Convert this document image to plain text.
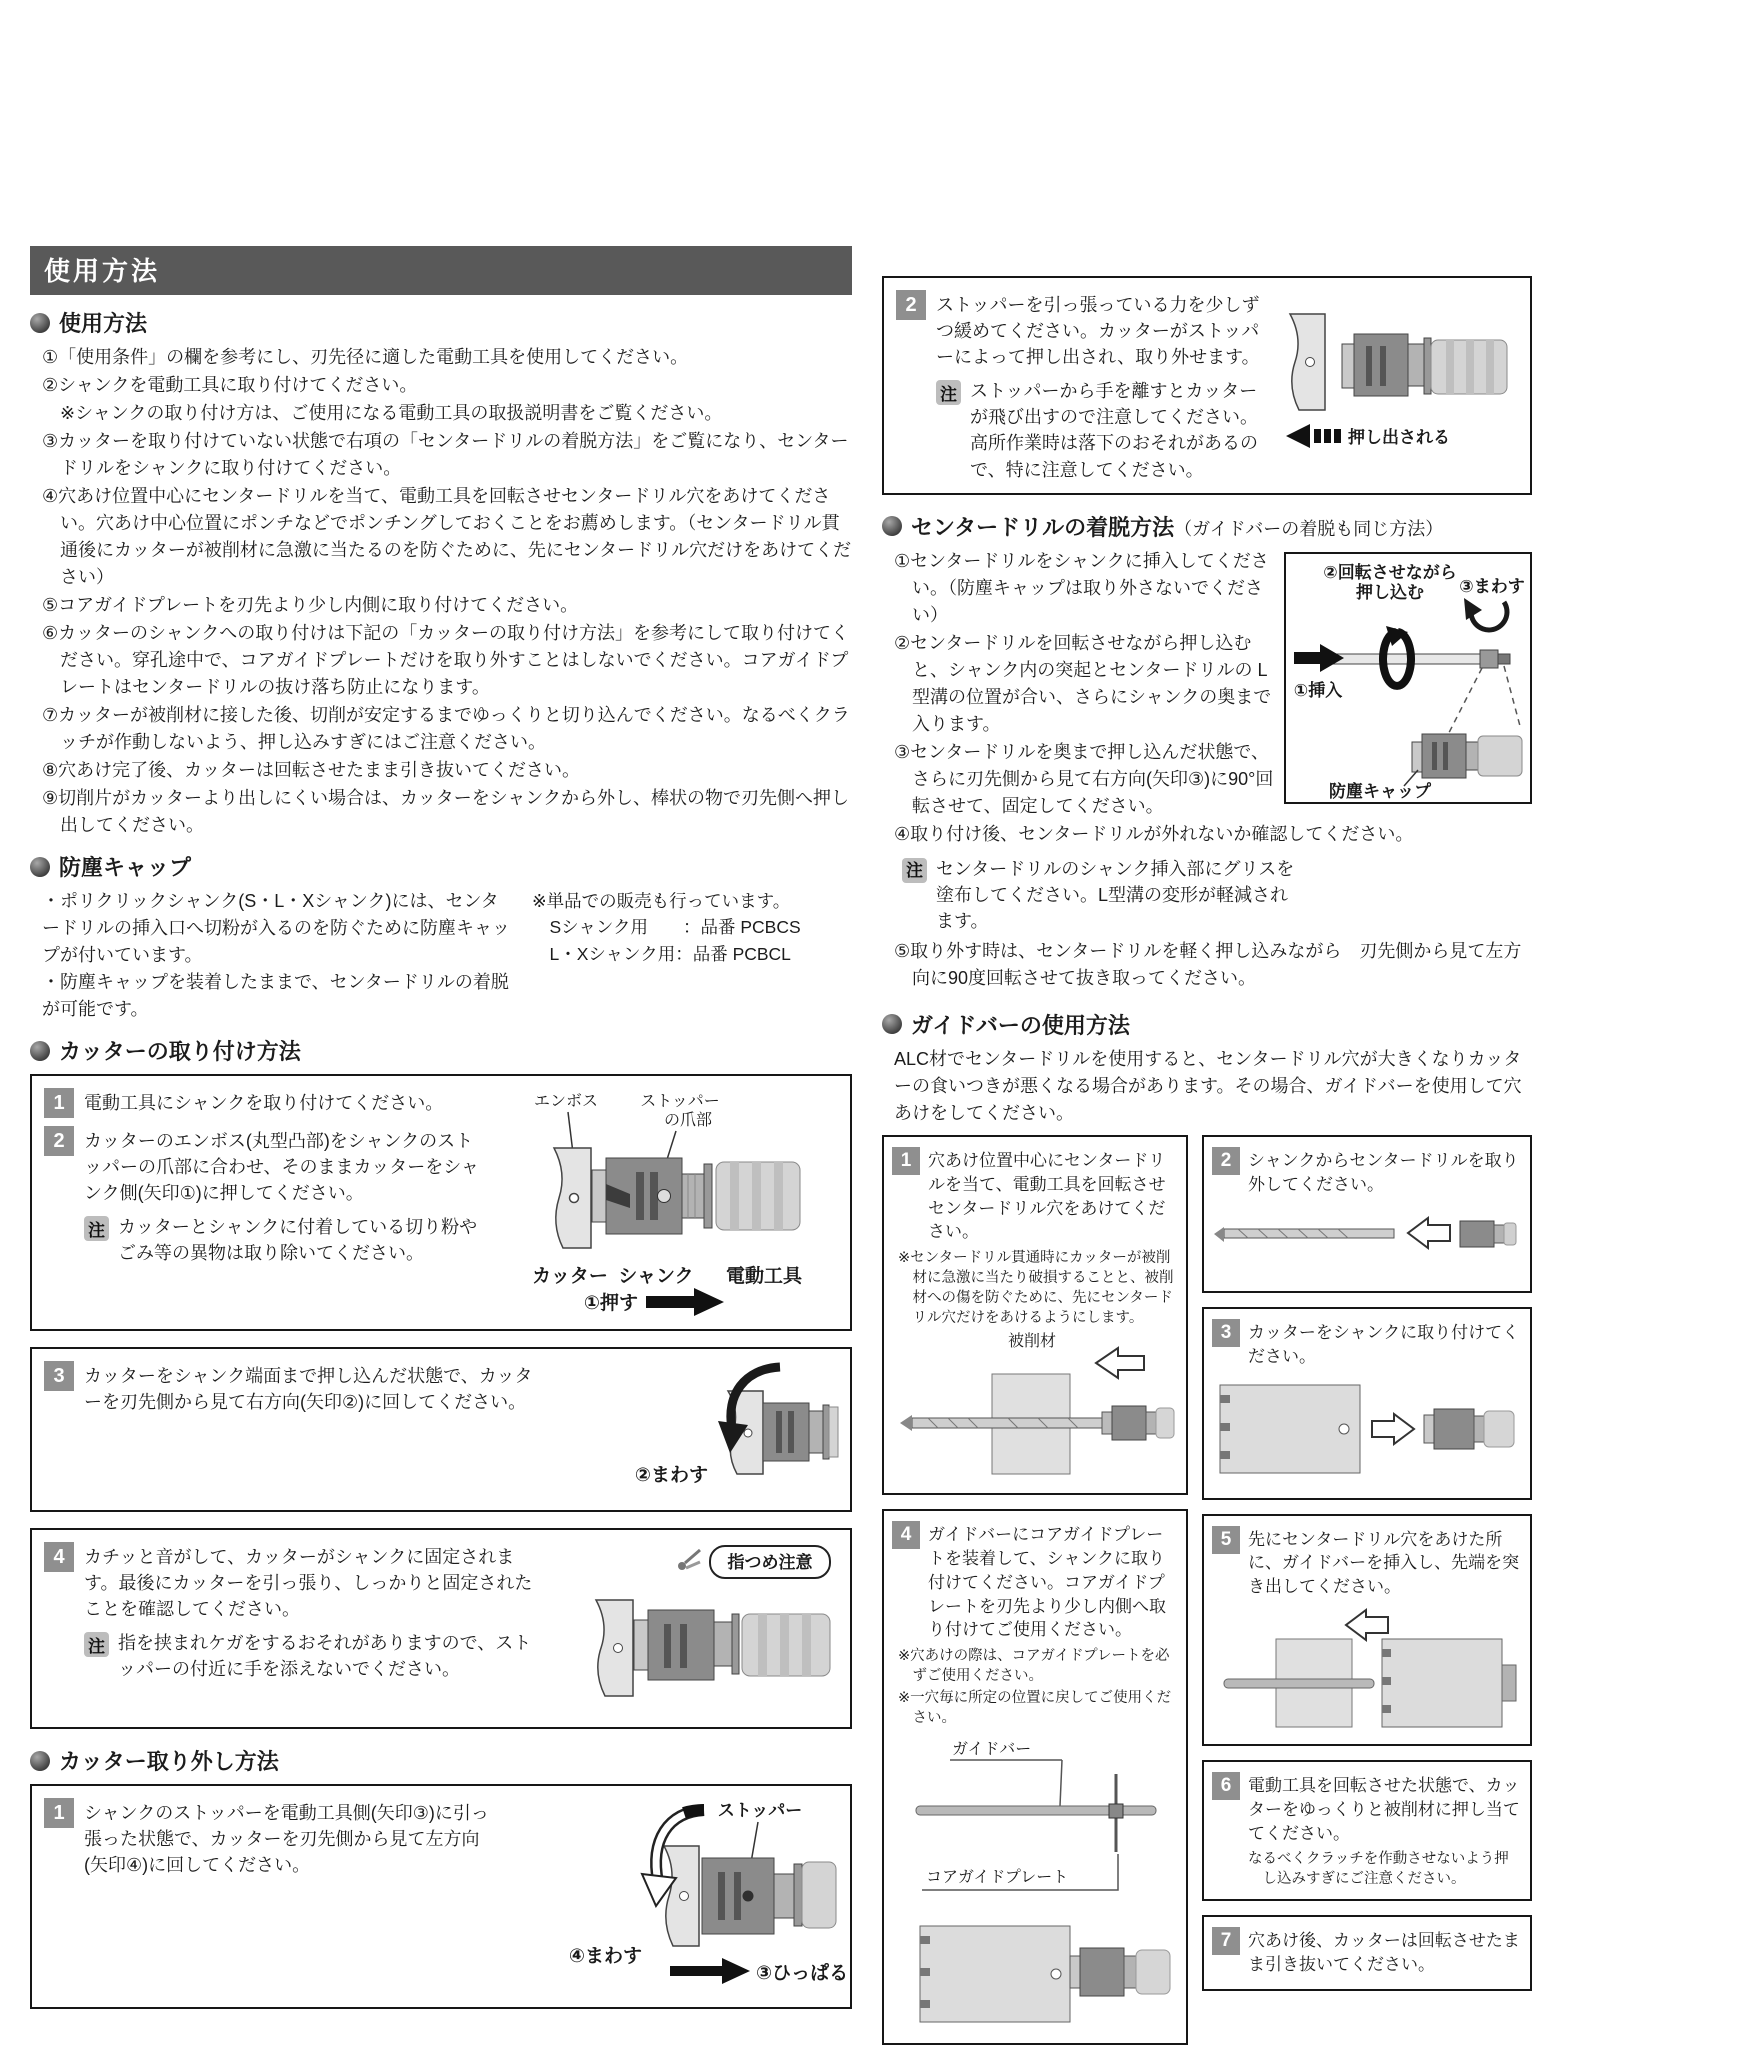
使用方法
使用方法
①「使用条件」の欄を参考にし、刃先径に適した電動工具を使用してください。
②シャンクを電動工具に取り付けてください。
※シャンクの取り付け方は、ご使用になる電動工具の取扱説明書をご覧ください。
③カッターを取り付けていない状態で右項の「センタードリルの着脱方法」をご覧になり、センタードリルをシャンクに取り付けてください。
④穴あけ位置中心にセンタードリルを当て、電動工具を回転させセンタードリル穴をあけてください。穴あけ中心位置にポンチなどでポンチングしておくことをお薦めします。（センタードリル貫通後にカッターが被削材に急激に当たるのを防ぐために、先にセンタードリル穴だけをあけてください）
⑤コアガイドプレートを刃先より少し内側に取り付けてください。
⑥カッターのシャンクへの取り付けは下記の「カッターの取り付け方法」を参考にして取り付けてください。穿孔途中で、コアガイドプレートだけを取り外すことはしないでください。コアガイドプレートはセンタードリルの抜け落ち防止になります。
⑦カッターが被削材に接した後、切削が安定するまでゆっくりと切り込んでください。なるべくクラッチが作動しないよう、押し込みすぎにはご注意ください。
⑧穴あけ完了後、カッターは回転させたまま引き抜いてください。
⑨切削片がカッターより出しにくい場合は、カッターをシャンクから外し、棒状の物で刃先側へ押し出してください。
防塵キャップ
・ポリクリックシャンク(S・L・Xシャンク)には、センタードリルの挿入口へ切粉が入るのを防ぐために防塵キャップが付いています。
・防塵キャップを装着したままで、センタードリルの着脱が可能です。
※単品での販売も行っています。
Sシャンク用　　：品番 PCBCS
L・Xシャンク用：品番 PCBCL
カッターの取り付け方法
1	電動工具にシャンクを取り付けてください。
2	カッターのエンボス(丸型凸部)をシャンクのストッパーの爪部に合わせ、そのままカッターをシャンク側(矢印①)に押してください。
注 カッターとシャンクに付着している切り粉やごみ等の異物は取り除いてください。
エンボス	ストッパー
の爪部
カッター シャンク 電動工具
①押す
3	カッターをシャンク端面まで押し込んだ状態で、カッターを刃先側から見て右方向(矢印②)に回してください。
②まわす
4	カチッと音がして、カッターがシャンクに固定されます。最後にカッターを引っ張り、しっかりと固定されたことを確認してください。
注 指を挟まれケガをするおそれがありますので、ストッパーの付近に手を添えないでください。
指つめ注意
カッター取り外し方法
1	シャンクのストッパーを電動工具側(矢印③)に引っ張った状態で、カッターを刃先側から見て左方向(矢印④)に回してください。
ストッパー
④まわす
③ひっぱる
2	ストッパーを引っ張っている力を少しずつ緩めてください。カッターがストッパーによって押し出され、取り外せます。
注 ストッパーから手を離すとカッターが飛び出すので注意してください。高所作業時は落下のおそれがあるので、特に注意してください。
押し出される
センタードリルの着脱方法（ガイドバーの着脱も同じ方法）
②回転させながら
押し込む ③まわす
①挿入
防塵キャップ
①センタードリルをシャンクに挿入してください。（防塵キャップは取り外さないでください）
②センタードリルを回転させながら押し込むと、シャンク内の突起とセンタードリルの L型溝の位置が合い、さらにシャンクの奥まで入ります。
③センタードリルを奥まで押し込んだ状態で、さらに刃先側から見て右方向(矢印③)に90°回転させて、固定してください。
④取り付け後、センタードリルが外れないか確認してください。
注 センタードリルのシャンク挿入部にグリスを塗布してください。L型溝の変形が軽減されます。
⑤取り外す時は、センタードリルを軽く押し込みながら　刃先側から見て左方向に90度回転させて抜き取ってください。
ガイドバーの使用方法
ALC材でセンタードリルを使用すると、センタードリル穴が大きくなりカッターの食いつきが悪くなる場合があります。その場合、ガイドバーを使用して穴あけをしてください。
1 穴あけ位置中心にセンタードリルを当て、電動工具を回転させセンタードリル穴をあけてください。
※センタードリル貫通時にカッターが被削材に急激に当たり破損することと、被削材への傷を防ぐために、先にセンタードリル穴だけをあけるようにします。
被削材
4 ガイドバーにコアガイドプレートを装着して、シャンクに取り付けてください。コアガイドプレートを刃先より少し内側へ取り付けてご使用ください。
※穴あけの際は、コアガイドプレートを必ずご使用ください。
※一穴毎に所定の位置に戻してご使用ください。
ガイドバー
コアガイドプレート
2 シャンクからセンタードリルを取り外してください。
3 カッターをシャンクに取り付けてください。
5 先にセンタードリル穴をあけた所に、ガイドバーを挿入し、先端を突き出してください。
6 電動工具を回転させた状態で、カッターをゆっくりと被削材に押し当ててください。
なるべくクラッチを作動させないよう押し込みすぎにご注意ください。
7 穴あけ後、カッターは回転させたまま引き抜いてください。
